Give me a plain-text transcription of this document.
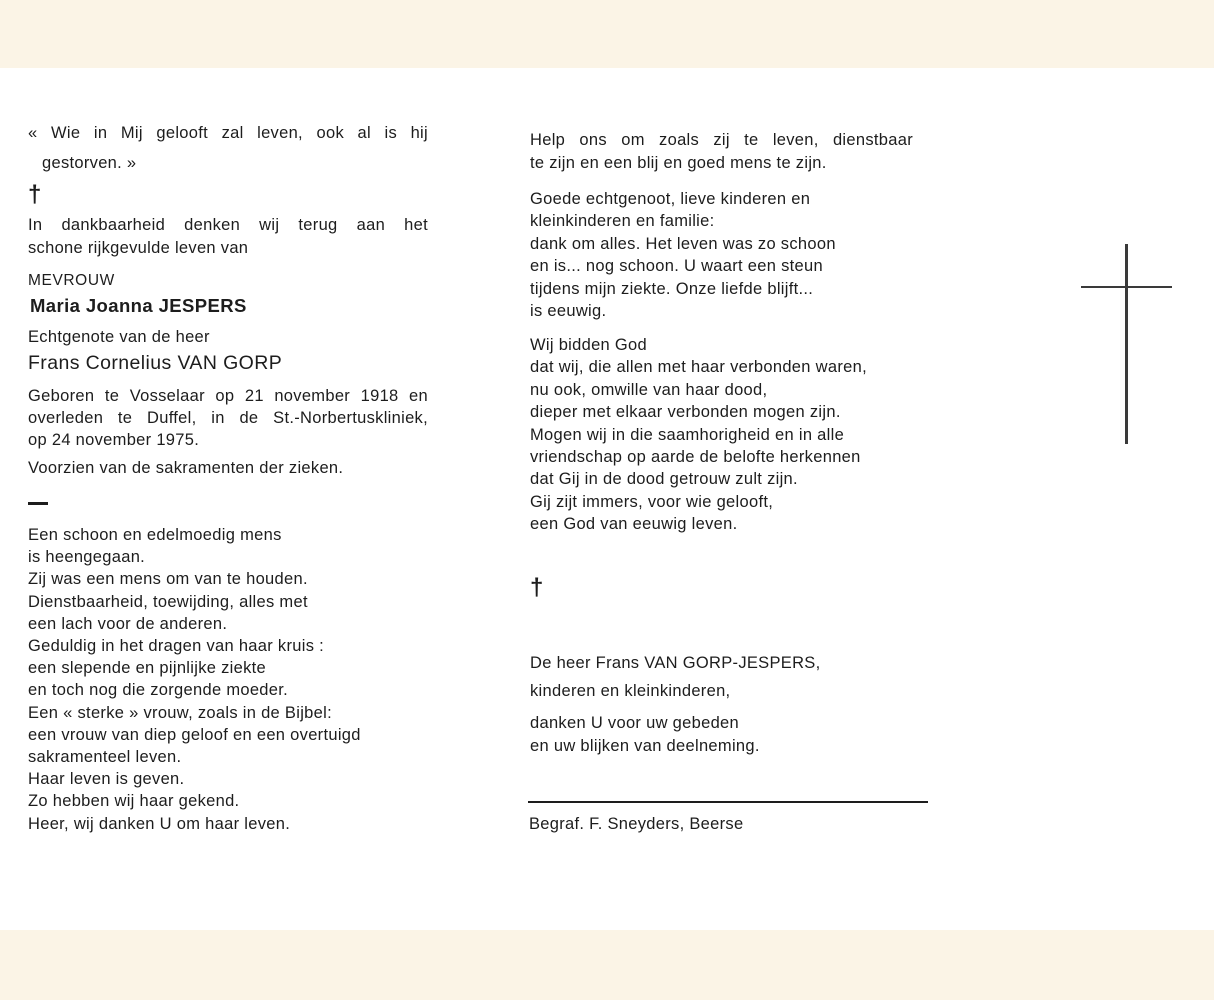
« Wie in Mij gelooft zal leven, ook al is hij
gestorven. »
†
In dankbaarheid denken wij terug aan het
schone rijkgevulde leven van
MEVROUW
Maria Joanna JESPERS
Echtgenote van de heer
Frans Cornelius VAN GORP
Geboren te Vosselaar op 21 november 1918 en
overleden te Duffel, in de St.-Norbertuskliniek,
op 24 november 1975.
Voorzien van de sakramenten der zieken.
Een schoon en edelmoedig mens
is heengegaan.
Zij was een mens om van te houden.
Dienstbaarheid, toewijding, alles met
een lach voor de anderen.
Geduldig in het dragen van haar kruis :
een slepende en pijnlijke ziekte
en toch nog die zorgende moeder.
Een « sterke » vrouw, zoals in de Bijbel:
een vrouw van diep geloof en een overtuigd
sakramenteel leven.
Haar leven is geven.
Zo hebben wij haar gekend.
Heer, wij danken U om haar leven.
Help ons om zoals zij te leven, dienstbaar
te zijn en een blij en goed mens te zijn.
Goede echtgenoot, lieve kinderen en
kleinkinderen en familie:
dank om alles. Het leven was zo schoon
en is... nog schoon. U waart een steun
tijdens mijn ziekte. Onze liefde blijft...
is eeuwig.
Wij bidden God
dat wij, die allen met haar verbonden waren,
nu ook, omwille van haar dood,
dieper met elkaar verbonden mogen zijn.
Mogen wij in die saamhorigheid en in alle
vriendschap op aarde de belofte herkennen
dat Gij in de dood getrouw zult zijn.
Gij zijt immers, voor wie gelooft,
een God van eeuwig leven.
†
De heer Frans VAN GORP-JESPERS,
kinderen en kleinkinderen,
danken U voor uw gebeden
en uw blijken van deelneming.
Begraf. F. Sneyders, Beerse
